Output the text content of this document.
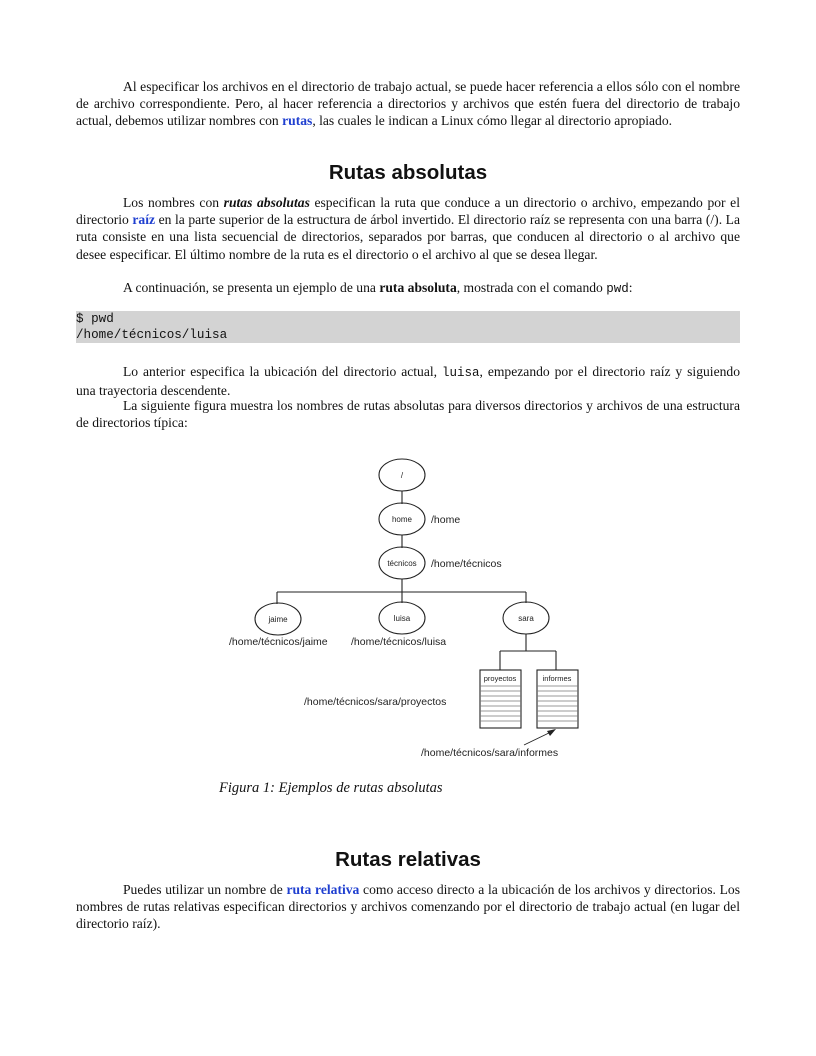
Al especificar los archivos en el directorio de trabajo actual, se puede hacer referencia a ellos sólo con el nombre de archivo correspondiente. Pero, al hacer referencia a directorios y archivos que estén fuera del directorio de trabajo actual, debemos utilizar nombres con rutas, las cuales le indican a Linux cómo llegar al directorio apropiado.

Rutas absolutas

Los nombres con rutas absolutas especifican la ruta que conduce a un directorio o archivo, empezando por el directorio raíz en la parte superior de la estructura de árbol invertido. El directorio raíz se representa con una barra (/). La ruta consiste en una lista secuencial de directorios, separados por barras, que conducen al directorio o al archivo que desee especificar. El último nombre de la ruta es el directorio o el archivo al que se desea llegar.

A continuación, se presenta un ejemplo de una ruta absoluta, mostrada con el comando pwd:

$ pwd
/home/técnicos/luisa

Lo anterior especifica la ubicación del directorio actual, luisa, empezando por el directorio raíz y siguiendo una trayectoria descendente.

La siguiente figura muestra los nombres de rutas absolutas para diversos directorios y archivos de una estructura de directorios típica:

/
home
técnicos
jaime	luisa	sara
proyectos	informes
/home
/home/técnicos
/home/técnicos/jaime /home/técnicos/luisa
/home/técnicos/sara/proyectos
/home/técnicos/sara/informes
Figura 1: Ejemplos de rutas absolutas
Rutas relativas

Puedes utilizar un nombre de ruta relativa como acceso directo a la ubicación de los archivos y directorios. Los nombres de rutas relativas especifican directorios y archivos comenzando por el directorio de trabajo actual (en lugar del directorio raíz).
